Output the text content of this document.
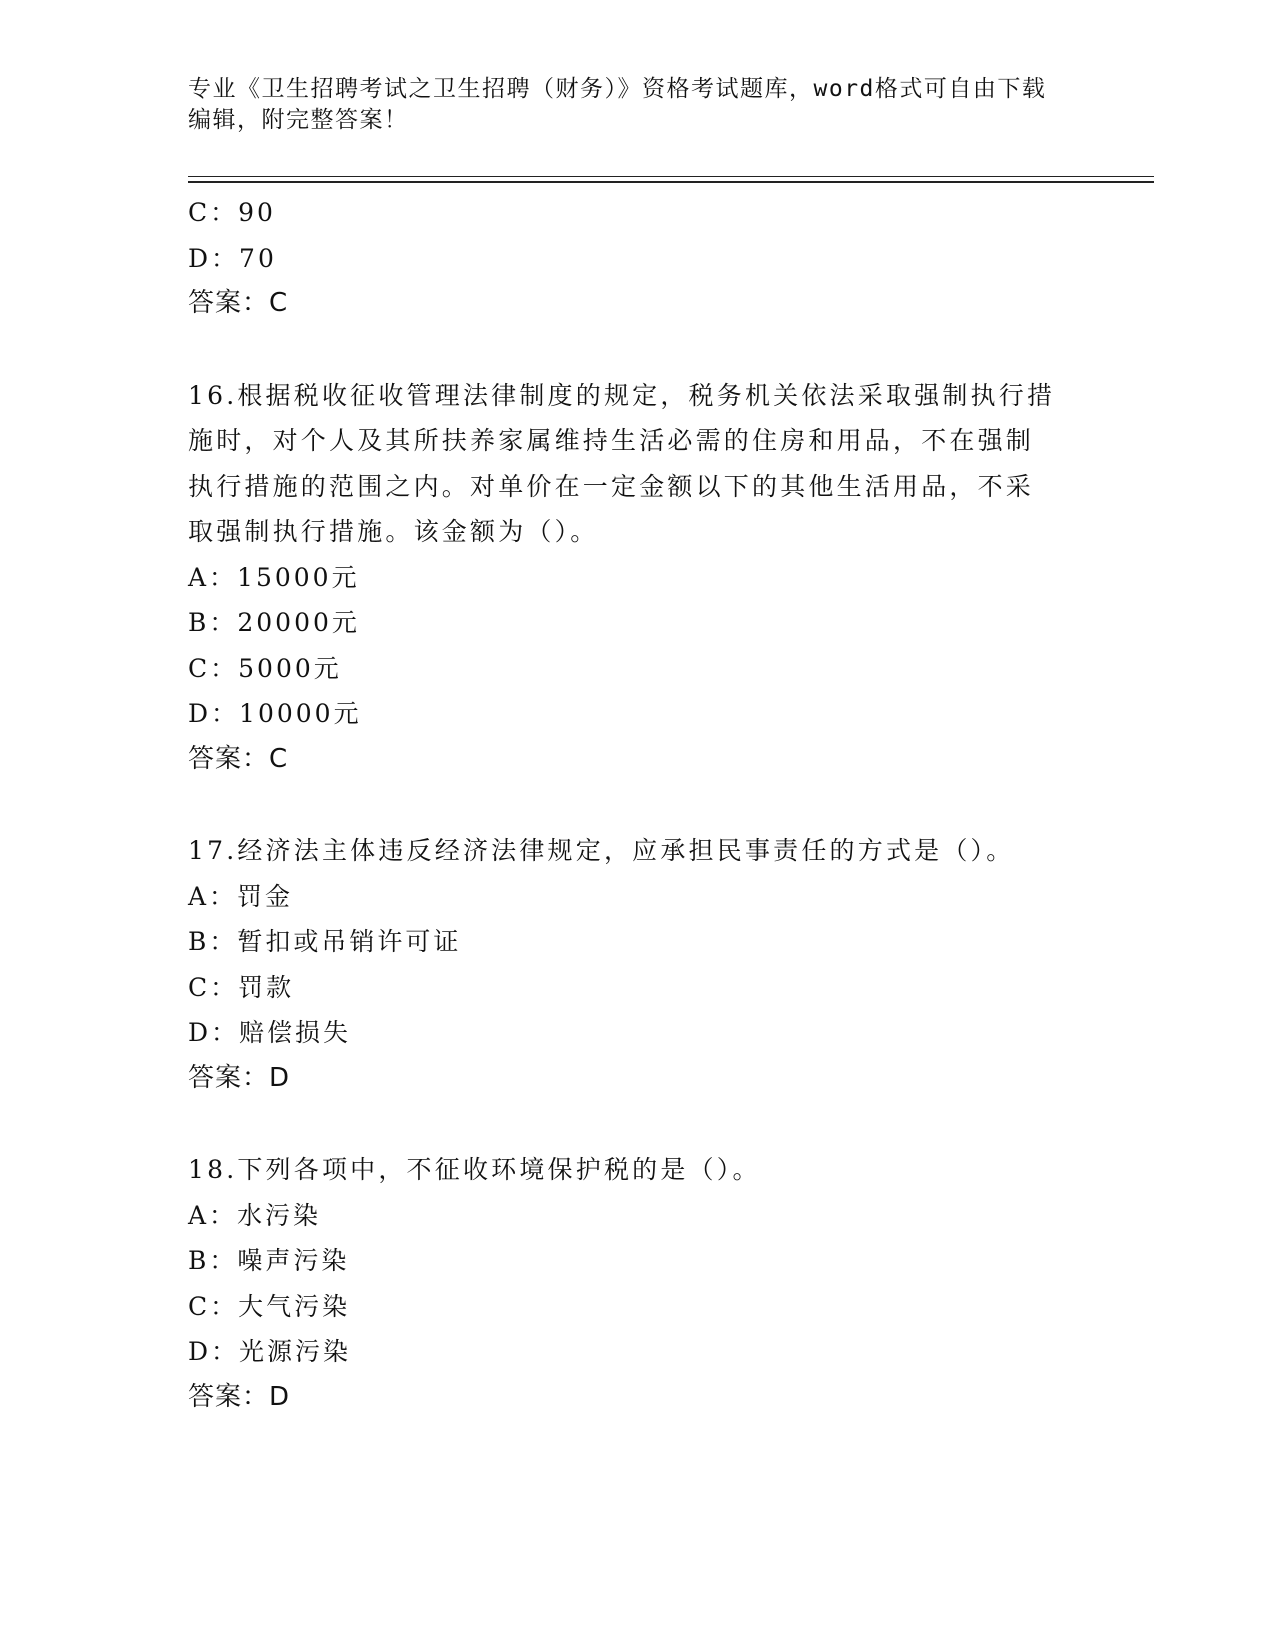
专业《卫生招聘考试之卫生招聘（财务）》资格考试题库，word格式可自由下载
编辑，附完整答案！
C：90
D：70
答案：C
16.根据税收征收管理法律制度的规定，税务机关依法采取强制执行措
施时，对个人及其所扶养家属维持生活必需的住房和用品，不在强制
执行措施的范围之内。对单价在一定金额以下的其他生活用品，不采
取强制执行措施。该金额为（）。
A：15000元
B：20000元
C：5000元
D：10000元
答案：C
17.经济法主体违反经济法律规定，应承担民事责任的方式是（）。
A：罚金
B：暂扣或吊销许可证
C：罚款
D：赔偿损失
答案：D
18.下列各项中，不征收环境保护税的是（）。
A：水污染
B：噪声污染
C：大气污染
D：光源污染
答案：D
